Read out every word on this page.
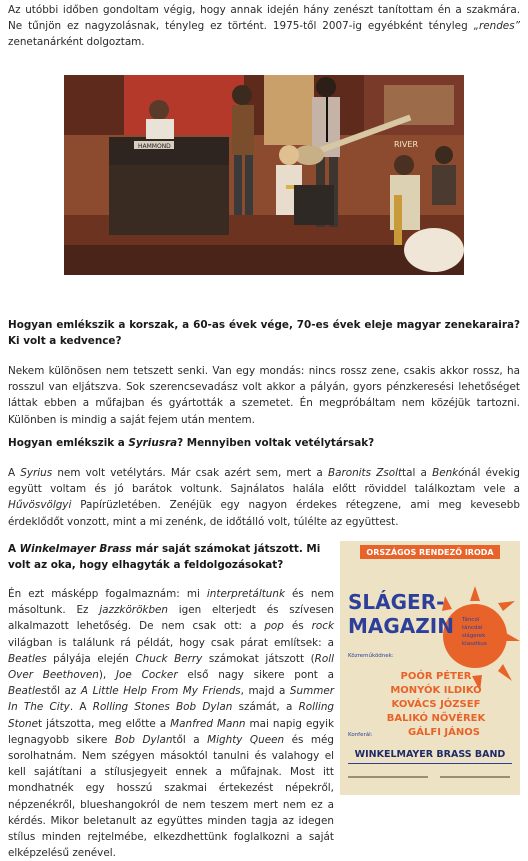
Az utóbbi időben gondoltam végig, hogy annak idején hány zenészt tanítottam én a szakmára. Ne tűnjön ez nagyzolásnak, tényleg ez történt. 1975-től 2007-ig egyébként tényleg „rendes” zenetanárként dolgoztam.

HAMMOND	RIVER

Hogyan emlékszik a korszak, a 60-as évek vége, 70-es évek eleje magyar zenekaraira? Ki volt a kedvence?

Nekem különösen nem tetszett senki. Van egy mondás: nincs rossz zene, csakis akkor rossz, ha rosszul van eljátszva. Sok szerencsevadász volt akkor a pályán, gyors pénzkeresési lehetőséget láttak ebben a műfajban és gyártották a szemetet. Én megpróbáltam nem közéjük tartozni. Különben is mindig a saját fejem után mentem.

Hogyan emlékszik a Syriusra? Mennyiben voltak vetélytársak?

A Syrius nem volt vetélytárs. Már csak azért sem, mert a Baronits Zsolttal a Benkónál évekig együtt voltam és jó barátok voltunk. Sajnálatos halála előtt röviddel találkoztam vele a Hűvösvölgyi Papírüzletében. Zenéjük egy nagyon érdekes rétegzene, ami meg kevesebb érdeklődőt vonzott, mint a mi zenénk, de időtálló volt, túlélte az együttest.

A Winkelmayer Brass már saját számokat játszott. Mi volt az oka, hogy elhagyták a feldolgozásokat?

Én ezt másképp fogalmaznám: mi interpretáltunk és nem másoltunk. Ez jazzkörökben igen elterjedt és szívesen alkalmazott lehetőség. De nem csak ott: a pop és rock világban is találunk rá példát, hogy csak párat említsek: a Beatles pályája elején Chuck Berry számokat játszott (Roll Over Beethoven), Joe Cocker első nagy sikere pont a Beatlestől az A Little Help From My Friends, majd a Summer In The City. A Rolling Stones Bob Dylan számát, a Rolling Stonet játszotta, meg előtte a Manfred Mann mai napig egyik legnagyobb sikere Bob Dylantől a Mighty Queen és még sorolhatnám. Nem szégyen másoktól tanulni és valahogy el kell sajátítani a stílusjegyeit ennek a műfajnak. Most itt mondhatnék egy hosszú szakmai értekezést népekről, népzenékről, blueshangokról de nem teszem mert nem ez a kérdés. Mikor beletanult az együttes minden tagja az idegen stílus minden rejtelmébe, elkezdhettünk foglalkozni a saját elképzelésű zenével.

ORSZÁGOS RENDEZŐ IRODA
SLÁGER-
MAGAZIN Táncol
táncdal
slágerek
klaszikus
Közreműködnek:
POÓR PÉTER
MONYÓK ILDIKÓ
KOVÁCS JÓZSEF
BALIKÓ NŐVÉREK
Konferál:	GÁLFI JÁNOS
WINKELMAYER BRASS BAND
